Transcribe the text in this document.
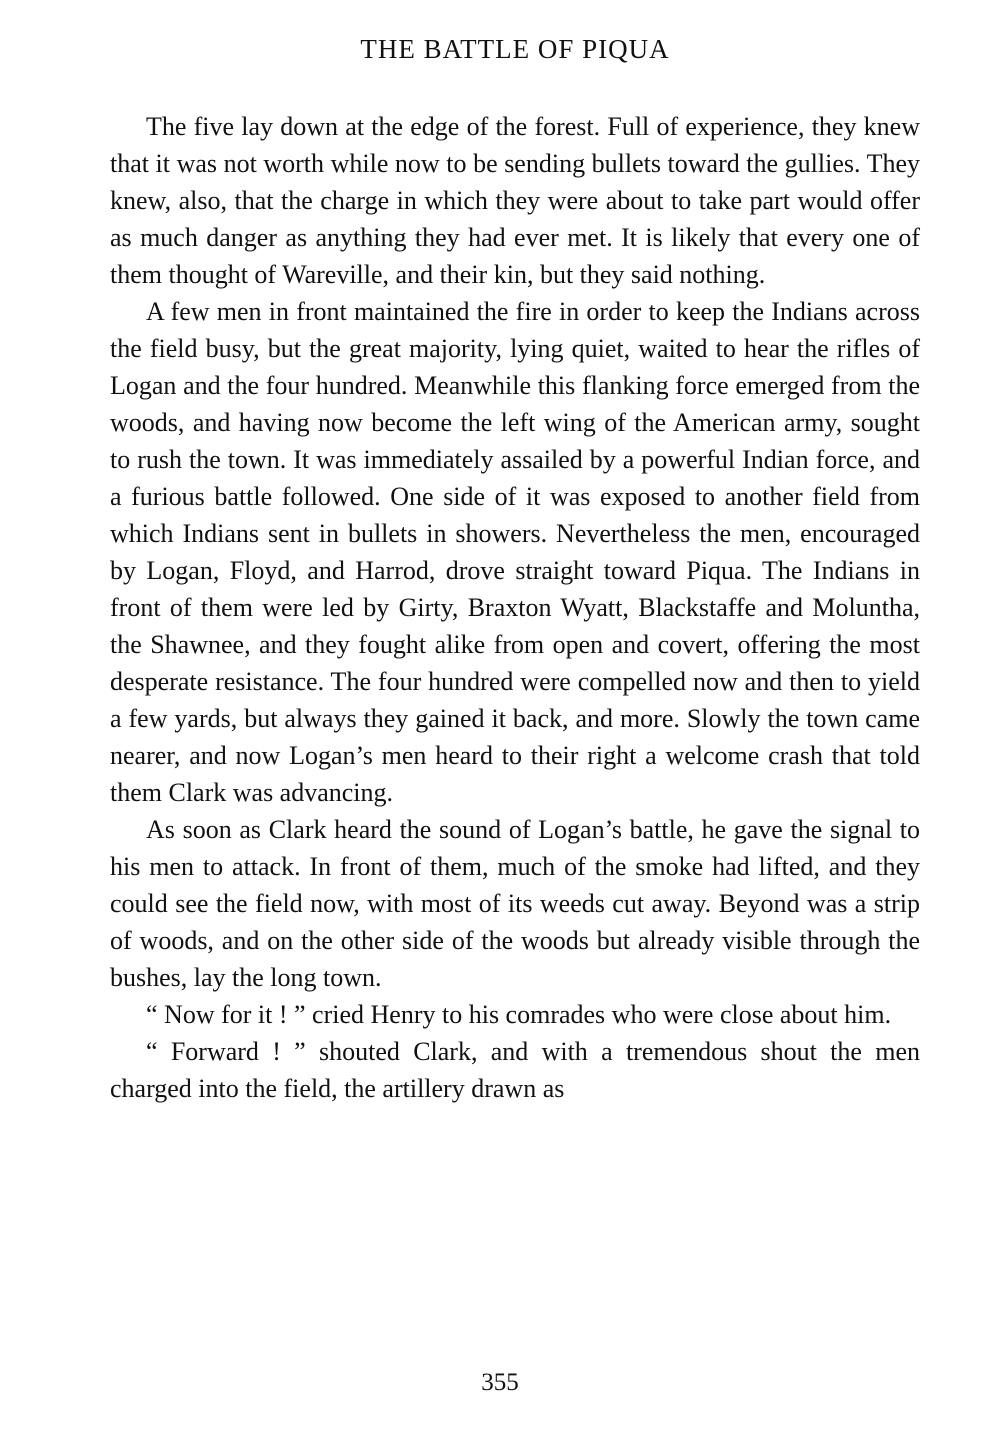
THE BATTLE OF PIQUA

The five lay down at the edge of the forest. Full of experience, they knew that it was not worth while now to be sending bullets toward the gullies. They knew, also, that the charge in which they were about to take part would offer as much danger as anything they had ever met. It is likely that every one of them thought of Wareville, and their kin, but they said nothing.

A few men in front maintained the fire in order to keep the Indians across the field busy, but the great majority, lying quiet, waited to hear the rifles of Logan and the four hundred. Meanwhile this flanking force emerged from the woods, and having now become the left wing of the American army, sought to rush the town. It was immediately assailed by a powerful Indian force, and a furious battle followed. One side of it was exposed to another field from which Indians sent in bullets in showers. Nevertheless the men, encouraged by Logan, Floyd, and Harrod, drove straight toward Piqua. The Indians in front of them were led by Girty, Braxton Wyatt, Blackstaffe and Moluntha, the Shawnee, and they fought alike from open and covert, offering the most desperate resistance. The four hundred were compelled now and then to yield a few yards, but always they gained it back, and more. Slowly the town came nearer, and now Logan’s men heard to their right a welcome crash that told them Clark was advancing.

As soon as Clark heard the sound of Logan’s battle, he gave the signal to his men to attack. In front of them, much of the smoke had lifted, and they could see the field now, with most of its weeds cut away. Beyond was a strip of woods, and on the other side of the woods but already visible through the bushes, lay the long town.

“ Now for it ! ” cried Henry to his comrades who were close about him.

“ Forward ! ” shouted Clark, and with a tremendous shout the men charged into the field, the artillery drawn as

355
